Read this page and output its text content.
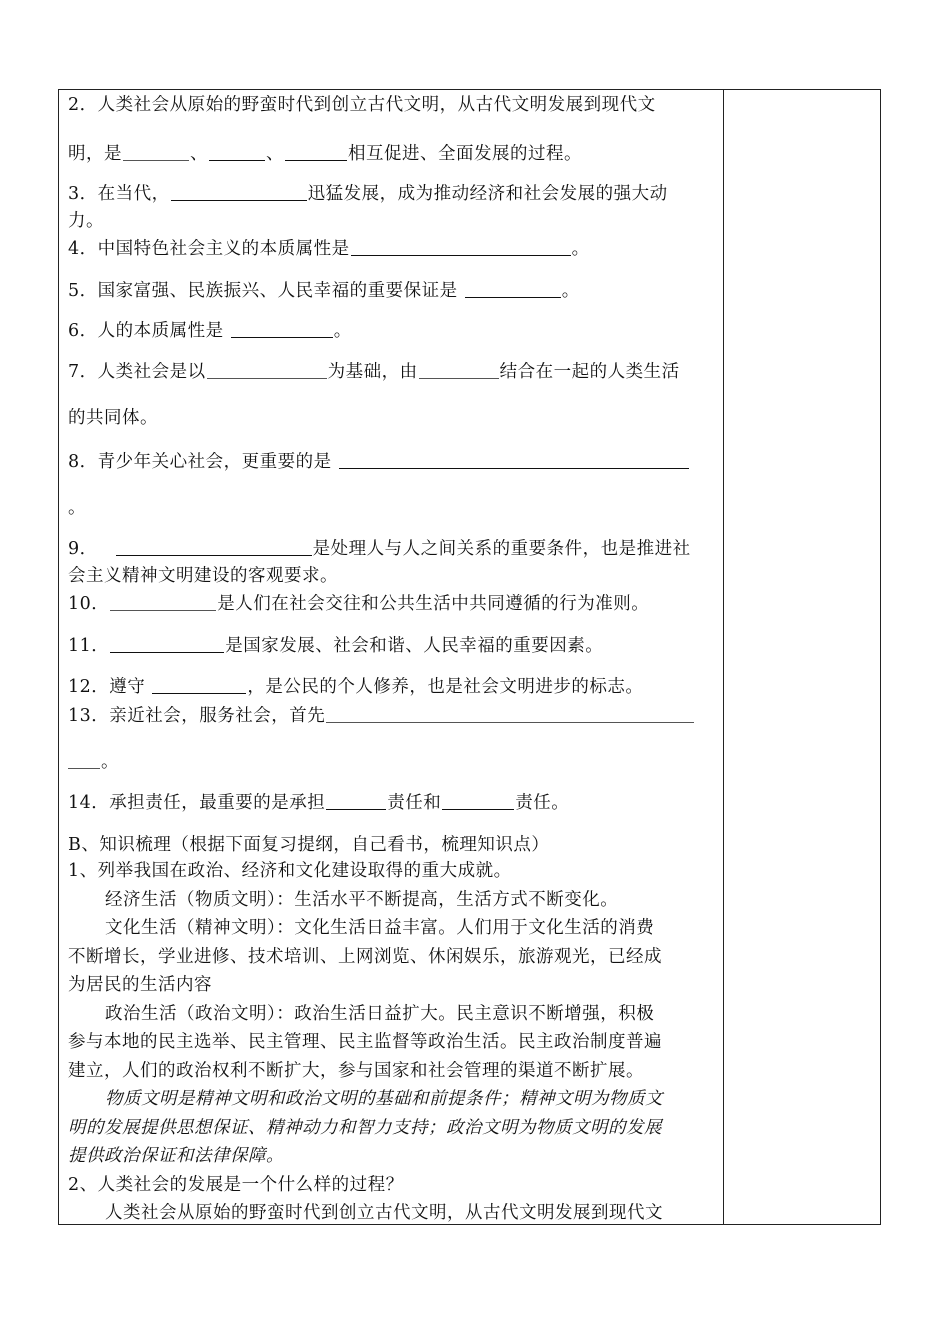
2．人类社会从原始的野蛮时代到创立古代文明，从古代文明发展到现代文
明，是	、	、	相互促进、全面发展的过程。
3．在当代，	迅猛发展，成为推动经济和社会发展的强大动
力。
4．中国特色社会主义的本质属性是	。
5．国家富强、民族振兴、人民幸福的重要保证是	。
6．人的本质属性是	。
7．人类社会是以	为基础，由	结合在一起的人类生活
的共同体。
8．青少年关心社会，更重要的是
。
9．	是处理人与人之间关系的重要条件，也是推进社
会主义精神文明建设的客观要求。
10．	是人们在社会交往和公共生活中共同遵循的行为准则。
11．	是国家发展、社会和谐、人民幸福的重要因素。
12．遵守	，是公民的个人修养，也是社会文明进步的标志。
13．亲近社会，服务社会，首先
。
14．承担责任，最重要的是承担	责任和	责任。
B、知识梳理（根据下面复习提纲，自己看书，梳理知识点）
1、列举我国在政治、经济和文化建设取得的重大成就。
经济生活（物质文明）：生活水平不断提高，生活方式不断变化。
文化生活（精神文明）：文化生活日益丰富。人们用于文化生活的消费
不断增长，学业进修、技术培训、上网浏览、休闲娱乐，旅游观光，已经成
为居民的生活内容
政治生活（政治文明）：政治生活日益扩大。民主意识不断增强，积极
参与本地的民主选举、民主管理、民主监督等政治生活。民主政治制度普遍
建立，人们的政治权利不断扩大，参与国家和社会管理的渠道不断扩展。
物质文明是精神文明和政治文明的基础和前提条件；精神文明为物质文
明的发展提供思想保证、精神动力和智力支持；政治文明为物质文明的发展
提供政治保证和法律保障。
2、人类社会的发展是一个什么样的过程？
人类社会从原始的野蛮时代到创立古代文明，从古代文明发展到现代文
